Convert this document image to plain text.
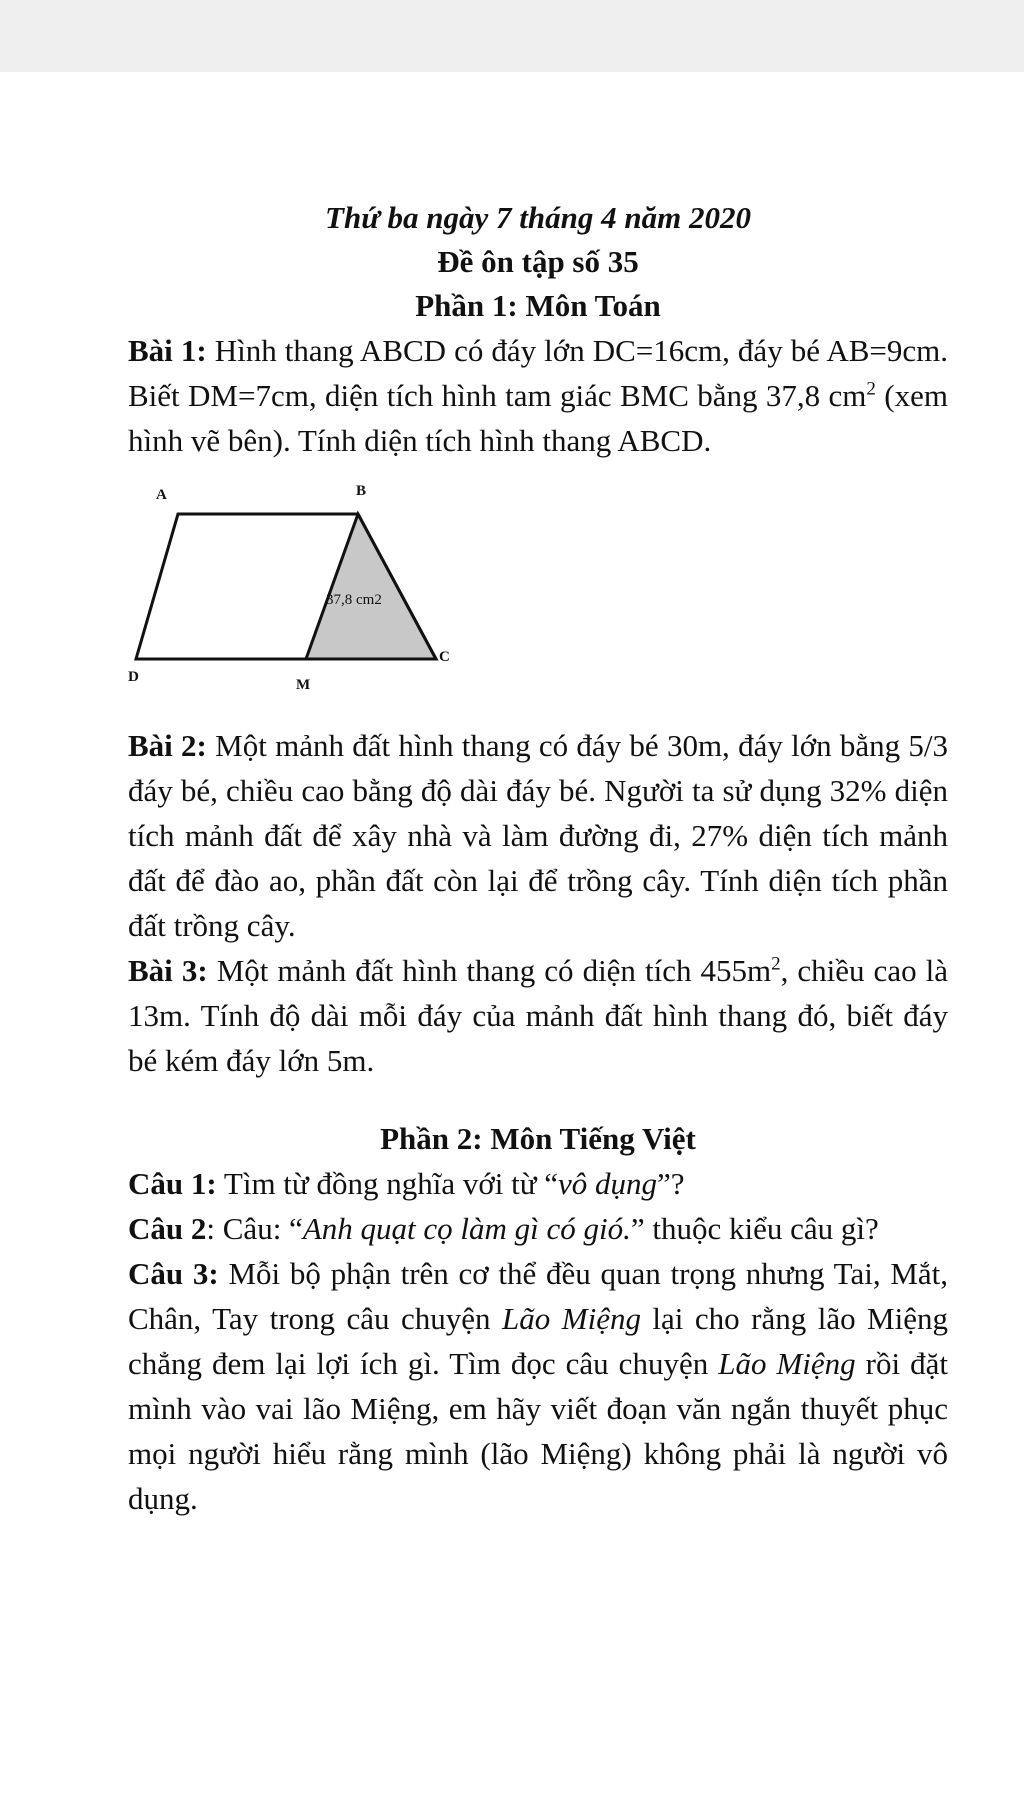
Thứ ba ngày 7 tháng 4 năm 2020

Đề ôn tập số 35

Phần 1: Môn Toán

Bài 1: Hình thang ABCD có đáy lớn DC=16cm, đáy bé AB=9cm. Biết DM=7cm, diện tích hình tam giác BMC bằng 37,8 $cm^2$ (xem hình vẽ bên). Tính diện tích hình thang ABCD.

A	B
C
D	M
37,8 cm2

Bài 2: Một mảnh đất hình thang có đáy bé 30m, đáy lớn bằng 5/3 đáy bé, chiều cao bằng độ dài đáy bé. Người ta sử dụng 32% diện tích mảnh đất để xây nhà và làm đường đi, 27% diện tích mảnh đất để đào ao, phần đất còn lại để trồng cây. Tính diện tích phần đất trồng cây.

Bài 3: Một mảnh đất hình thang có diện tích $455m^2$, chiều cao là 13m. Tính độ dài mỗi đáy của mảnh đất hình thang đó, biết đáy bé kém đáy lớn 5m.

Phần 2: Môn Tiếng Việt

Câu 1: Tìm từ đồng nghĩa với từ “vô dụng”?

Câu 2: Câu: “Anh quạt cọ làm gì có gió.” thuộc kiểu câu gì?

Câu 3: Mỗi bộ phận trên cơ thể đều quan trọng nhưng Tai, Mắt, Chân, Tay trong câu chuyện Lão Miệng lại cho rằng lão Miệng chẳng đem lại lợi ích gì. Tìm đọc câu chuyện Lão Miệng rồi đặt mình vào vai lão Miệng, em hãy viết đoạn văn ngắn thuyết phục mọi người hiểu rằng mình (lão Miệng) không phải là người vô dụng.
